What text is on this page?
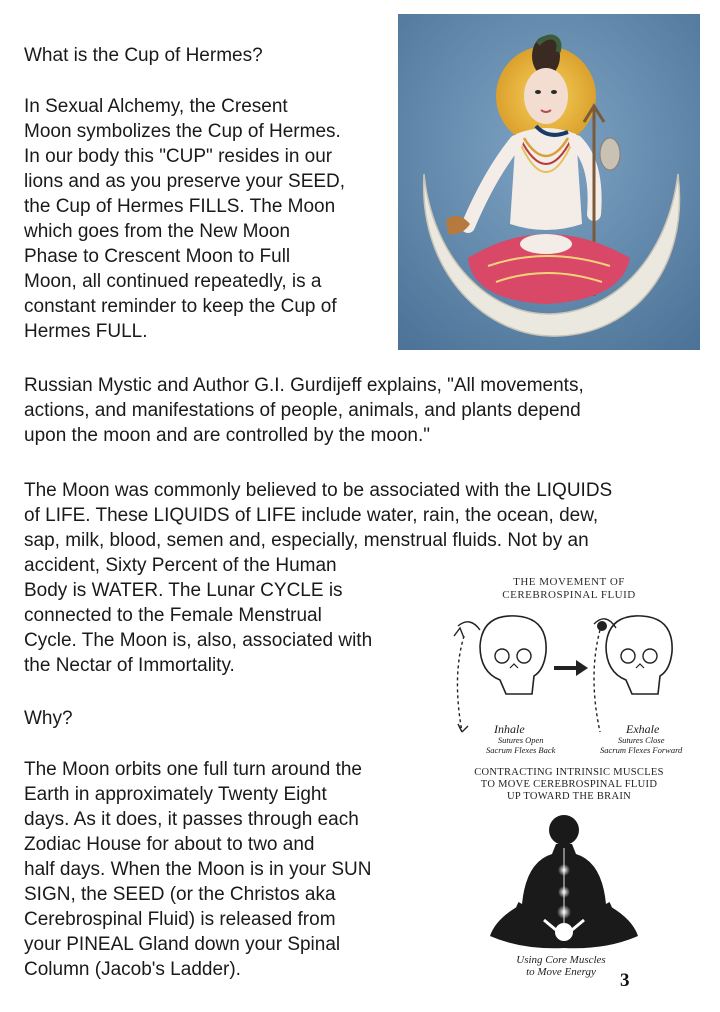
What is the Cup of Hermes?
In Sexual Alchemy, the Cresent
Moon symbolizes the Cup of Hermes.
In our body this "CUP" resides in our
lions and as you preserve your SEED,
the Cup of Hermes FILLS. The Moon
which goes from the New Moon
Phase to Crescent Moon to Full
Moon, all continued repeatedly, is a
constant reminder to keep the Cup of
Hermes FULL.
Russian Mystic and Author G.I. Gurdijeff explains, "All movements,
actions, and manifestations of people, animals, and plants depend
upon the moon and are controlled by the moon."
The Moon was commonly believed to be associated with the LIQUIDS
of LIFE. These LIQUIDS of LIFE include water, rain, the ocean, dew,
sap, milk, blood, semen and, especially, menstrual fluids. Not by an
accident, Sixty Percent of the Human
Body is WATER. The Lunar CYCLE is
connected to the Female Menstrual
Cycle. The Moon is, also, associated with
the Nectar of Immortality.
Why?
The Moon orbits one full turn around the
Earth in approximately Twenty Eight
days. As it does, it passes through each
Zodiac House for about to two and
half days. When the Moon is in your SUN
SIGN, the SEED (or the Christos aka
Cerebrospinal Fluid) is released from
your PINEAL Gland down your Spinal
Column (Jacob's Ladder).
THE MOVEMENT OF
CEREBROSPINAL FLUID
Inhale
Sutures Open
Sacrum Flexes Back
Exhale
Sutures Close
Sacrum Flexes Forward
CONTRACTING INTRINSIC MUSCLES
TO MOVE CEREBROSPINAL FLUID
UP TOWARD THE BRAIN
Using Core Muscles
to Move Energy	3
